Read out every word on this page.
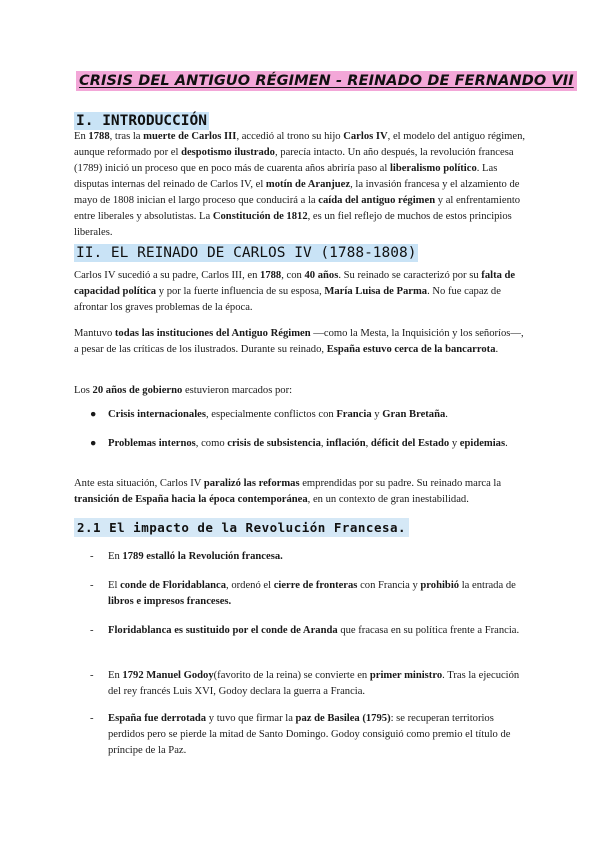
CRISIS DEL ANTIGUO RÉGIMEN - REINADO DE FERNANDO VII
I. INTRODUCCIÓN
En 1788, tras la muerte de Carlos III, accedió al trono su hijo Carlos IV, el modelo del antiguo régimen, aunque reformado por el despotismo ilustrado, parecía intacto. Un año después, la revolución francesa (1789) inició un proceso que en poco más de cuarenta años abriría paso al liberalismo político. Las disputas internas del reinado de Carlos IV, el motín de Aranjuez, la invasión francesa y el alzamiento de mayo de 1808 inician el largo proceso que conducirá a la caída del antiguo régimen y al enfrentamiento entre liberales y absolutistas. La Constitución de 1812, es un fiel reflejo de muchos de estos principios liberales.
II. EL REINADO DE CARLOS IV (1788-1808)
Carlos IV sucedió a su padre, Carlos III, en 1788, con 40 años. Su reinado se caracterizó por su falta de capacidad política y por la fuerte influencia de su esposa, María Luisa de Parma. No fue capaz de afrontar los graves problemas de la época.
Mantuvo todas las instituciones del Antiguo Régimen —como la Mesta, la Inquisición y los señoríos—, a pesar de las críticas de los ilustrados. Durante su reinado, España estuvo cerca de la bancarrota.
Los 20 años de gobierno estuvieron marcados por:
●	Crisis internacionales, especialmente conflictos con Francia y Gran Bretaña.
●	Problemas internos, como crisis de subsistencia, inflación, déficit del Estado y epidemias.
Ante esta situación, Carlos IV paralizó las reformas emprendidas por su padre. Su reinado marca la transición de España hacia la época contemporánea, en un contexto de gran inestabilidad.
2.1 El impacto de la Revolución Francesa.
-	En 1789 estalló la Revolución francesa.
-	El conde de Floridablanca, ordenó el cierre de fronteras con Francia y prohibió la entrada de libros e impresos franceses.
-	Floridablanca es sustituido por el conde de Aranda que fracasa en su política frente a Francia.
-	En 1792 Manuel Godoy(favorito de la reina) se convierte en primer ministro. Tras la ejecución del rey francés Luis XVI, Godoy declara la guerra a Francia.
-	España fue derrotada y tuvo que firmar la paz de Basilea (1795): se recuperan territorios perdidos pero se pierde la mitad de Santo Domingo. Godoy consiguió como premio el título de príncipe de la Paz.
